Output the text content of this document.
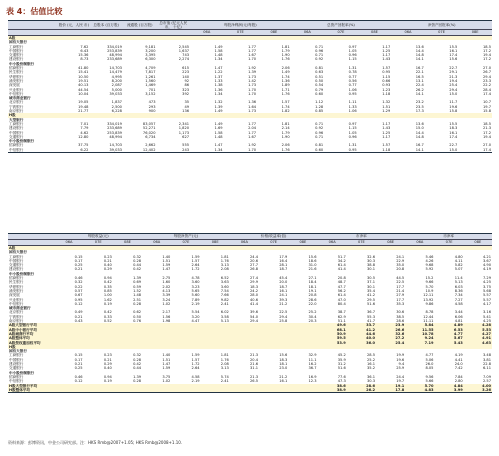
表 4：估值比较
	股价 (元，人民 币)	总股本 (百万股)	流通股 (百万股)	总市值 (亿元人民币， 十亿)	每股净利润(元/每股)			总资产回报率(%)			净资产回报率(%)		
					06A	07E	08E	06A	07E	08E	06A	07E	08E
A股													
国有大银行													
工商银行	7.62	334,019	9,181	2,545	1.49	1.77	1.81	0.71	0.97	1.17	13.6	15.5	18.5
中国银行	6.43	253,839	3,200	1,637	1.58	1.77	1.79	0.96	1.05	1.25	14.4	16.1	17.2
交通银行	15.36	48,994	3,395	743	1.48	1.67	1.90	0.71	0.96	1.17	14.8	17.4	19.4
建设银行	8.73	233,689	6,300	2,274	1.34	1.70	1.76	0.92	1.15	1.43	14.1	15.6	17.2
中小股份制银行													
招商银行	41.80	14,703	4,709	615	1.47	1.92	2.06	0.81	1.31	1.57	16.7	22.7	27.0
民生银行	15.41	14,479	7,817	223	1.22	1.39	1.49	0.63	0.78	0.95	22.1	29.1	26.7
华夏银行	10.50	4,995	1,261	140	1.37	1.73	1.74	0.51	0.77	1.15	16.5	21.3	29.4
浦发银行	19.51	8,200	1,560	92	1.33	1.42	1.36	0.50	0.56	0.66	13.1	19.4	23.3
深发展	40.13	2,087	1,469	86	1.38	1.73	1.89	0.54	0.77	0.93	22.4	25.4	22.2
兴业银行	44.54	5,000	701	323	1.36	1.70	1.71	0.79	1.06	1.23	26.2	29.4	28.4
中信银行	10.04	39,033	3,152	392	1.34	1.70	1.76	0.60	0.95	1.18	14.1	15.0	17.4
城市商业银行													
北京银行	19.05	1,837	473	35	1.32	1.36	1.57	1.12	1.11	1.32	23.2	11.7	10.7
宁波银行	19.48	2,500	293	49	1.39	1.64	1.74	1.28	1.33	1.51	23.5	19.6	19.7
南京银行	21.77	6,228	900	136	1.49	1.73	1.82	0.85	1.06	1.29	17.3	15.8	15.8
H股													
大型银行													
工商银行	7.01	334,019	83,057	2,341	1.49	1.77	1.81	0.71	0.97	1.17	13.6	15.5	18.5
建设银行	7.79	233,689	52,271	1,820	1.69	2.04	2.14	0.92	1.15	1.43	15.0	18.3	21.3
中国银行	4.62	253,839	76,020	1,173	1.58	1.77	1.79	0.96	1.05	1.25	14.4	16.1	17.2
交通银行	12.80	48,994	6,734	627	1.48	1.67	1.90	0.71	0.96	1.17	14.8	17.4	19.4
中小股份制银行													
招商银行	37.75	14,703	2,662	555	1.47	1.92	2.06	0.81	1.31	1.57	16.7	22.7	27.0
中信银行	6.22	39,033	12,402	243	1.34	1.70	1.76	0.60	0.95	1.18	14.1	15.0	17.4
	每股收益(元)			每股净资产(元)			价格/收益率(倍)			市净率			市净率		
	06A	07E	08E	06A	07E	08E	06A	07E	08E	06A	07E	08E	06A	07E	08E
A股															
国有大银行															
工商银行	0.15	0.23	0.32	1.40	1.59	1.81	24.4	17.9	15.6	51.7	32.6	24.1	5.46	4.80	4.21
中国银行	0.17	0.21	0.28	1.51	1.57	1.76	20.6	16.4	18.6	34.2	30.3	22.9	4.26	4.11	3.67
交通银行	0.25	0.40	0.44	1.59	2.64	3.13	27.7	28.1	31.0	61.4	38.8	35.0	9.68	5.82	4.90
建设银行	0.21	0.29	0.42	1.47	1.72	2.08	26.8	18.7	21.6	41.4	30.1	20.8	5.92	5.07	4.19
中小股份制银行															
招商银行	0.46	0.94	1.39	2.75	4.78	6.52	27.4	45.4	27.1	20.8	30.5	44.5	15.2	11.4	7.29
民生银行	0.32	0.42	0.69	1.60	3.60	3.63	29.9	20.0	18.4	48.7	37.1	22.5	9.66	5.13	4.25
华夏银行	0.22	0.35	0.59	2.02	3.23	3.60	18.3	18.7	18.1	47.7	30.1	17.7	5.70	6.03	3.75
浦发银行	0.57	0.85	1.52	4.13	5.65	7.54	24.2	16.1	19.1	56.2	35.4	21.4	10.9	8.36	5.68
深发展	0.67	1.00	1.48	3.39	5.60	7.66	28.0	24.1	20.8	61.4	41.2	27.9	12.11	7.34	5.57
兴业银行	0.95	1.62	2.51	3.24	7.89	9.82	40.6	39.3	28.6	47.0	29.5	17.7	13.92	7.27	5.57
中信银行	0.12	0.19	0.28	1.02	2.19	2.41	41.4	21.2	22.0	80.4	51.6	35.3	9.86	4.58	4.17
城市商业银行															
北京银行	0.49	0.42	0.62	2.17	5.54	6.02	39.6	22.5	25.2	38.7	36.7	30.6	8.78	3.44	3.16
宁波银行	0.21	0.33	0.50	1.56	3.20	3.58	54.0	29.4	30.4	62.9	55.3	38.5	12.44	6.06	5.41
南京银行	0.43	0.52	0.76	1.98	4.47	5.13	29.4	25.8	20.3	51.1	41.7	28.6	11.11	4.81	4.25
A股大型银行平均										49.6	33.7	23.9	5.84	4.89	4.28
A股中小银行平均										68.1	41.2	26.6	11.55	6.53	5.53
A股城商行平均										50.9	44.6	32.6	10.78	4.77	4.27
A股整体平均										59.5	40.0	27.2	9.24	5.67	4.91
A股按权重加权平均										53.9	36.0	25.4	7.19	5.43	4.63
H股															
国有大银行															
工商银行	0.15	0.23	0.32	1.40	1.59	1.81	21.3	15.6	32.9	45.2	28.5	19.9	4.77	4.19	3.48
中国银行	0.17	0.21	0.28	1.51	1.57	1.76	20.4	18.3	11.1	35.9	25.2	19.6	5.06	4.41	3.81
建设银行	0.21	0.29	0.42	1.47	1.72	2.08	21.6	18.1	16.2	31.2	16.1	9.4	26.0	24.0	22.8
交通银行	0.25	0.40	0.44	1.59	2.64	3.13	31.1	23.0	36.7	51.6	35.2	25.9	8.05	7.42	6.11
中小股份制银行															
招商银行	0.46	0.94	1.39	3.75	4.58	5.74	21.3	21.2	16.9	77.6	36.1	24.4	9.56	7.84	7.09
中信银行	0.12	0.19	0.28	1.02	2.19	2.41	26.5	16.1	12.3	47.3	30.3	19.7	5.66	2.80	2.57
H股大型银行平均										38.6	28.6	19.1	5.70	4.84	4.00
H股整体平均										38.9	26.2	17.8	4.83	3.99	3.26
资料来源：彭博资讯，中金公司研究部。注：HKS Rmb@2007+1.05; HKS Rmb@2008+1.10.
